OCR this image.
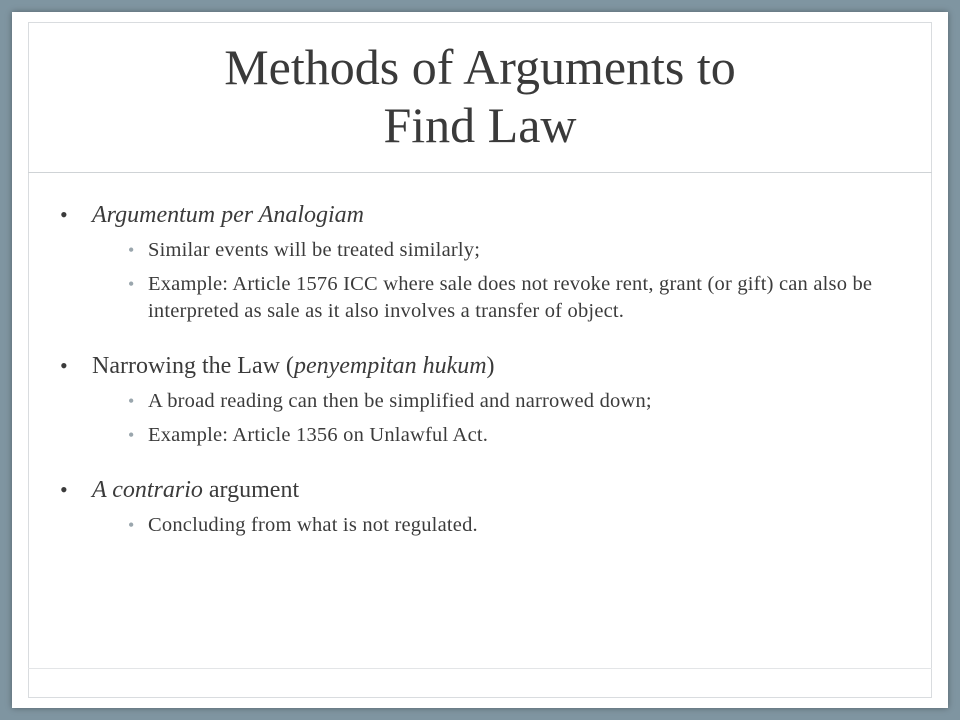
Methods of Arguments to
Find Law
• Argumentum per Analogiam
• Similar events will be treated similarly;
• Example: Article 1576 ICC where sale does not revoke rent, grant (or gift) can also be interpreted as sale as it also involves a transfer of object.
• Narrowing the Law (penyempitan hukum)
• A broad reading can then be simplified and narrowed down;
• Example: Article 1356 on Unlawful Act.
• A contrario argument
• Concluding from what is not regulated.
